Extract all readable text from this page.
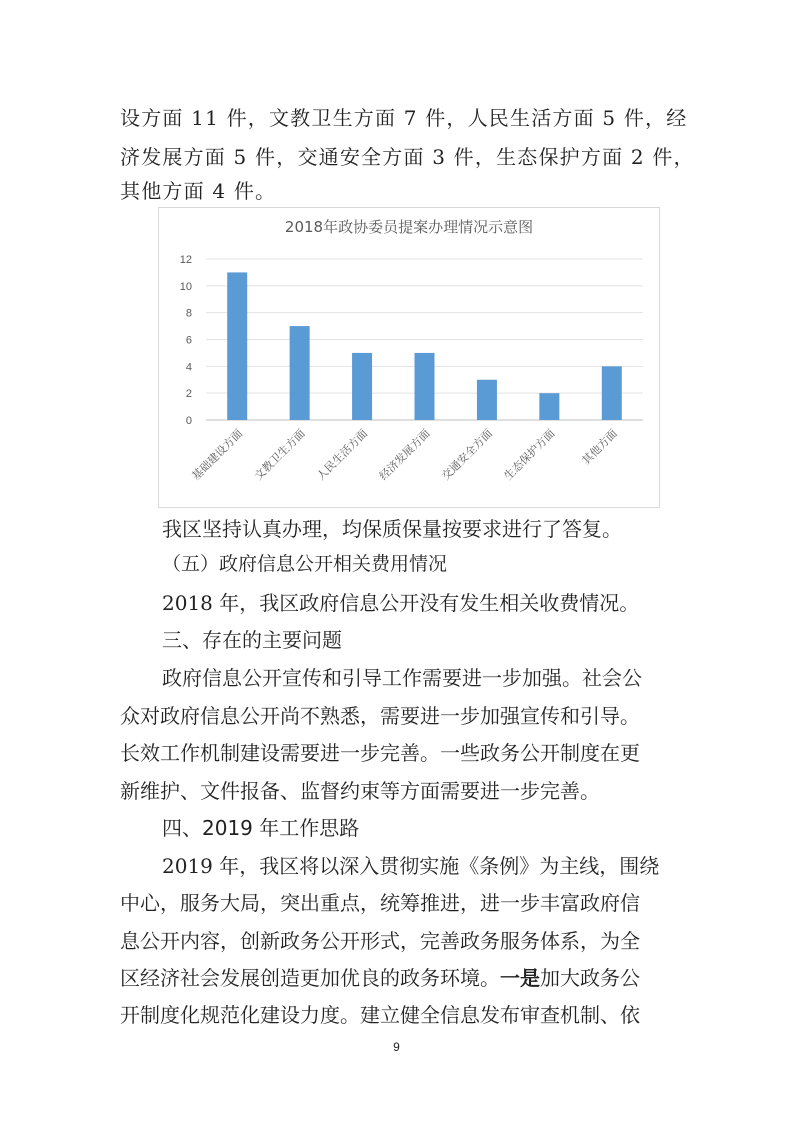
设方面 11 件，文教卫生方面 7 件，人民生活方面 5 件，经
济发展方面 5 件，交通安全方面 3 件，生态保护方面 2 件，
其他方面 4 件。
2018年政协委员提案办理情况示意图
0
2
4
6
8
10
12
基础建设方面 文教卫生方面 人民生活方面 经济发展方面 交通安全方面 生态保护方面 其他方面
我区坚持认真办理，均保质保量按要求进行了答复。
（五）政府信息公开相关费用情况
2018 年，我区政府信息公开没有发生相关收费情况。
三、存在的主要问题
政府信息公开宣传和引导工作需要进一步加强。社会公
众对政府信息公开尚不熟悉，需要进一步加强宣传和引导。
长效工作机制建设需要进一步完善。一些政务公开制度在更
新维护、文件报备、监督约束等方面需要进一步完善。
四、2019 年工作思路
2019 年，我区将以深入贯彻实施《条例》为主线，围绕
中心，服务大局，突出重点，统筹推进，进一步丰富政府信
息公开内容，创新政务公开形式，完善政务服务体系，为全
区经济社会发展创造更加优良的政务环境。一是加大政务公
开制度化规范化建设力度。建立健全信息发布审查机制、依
9
